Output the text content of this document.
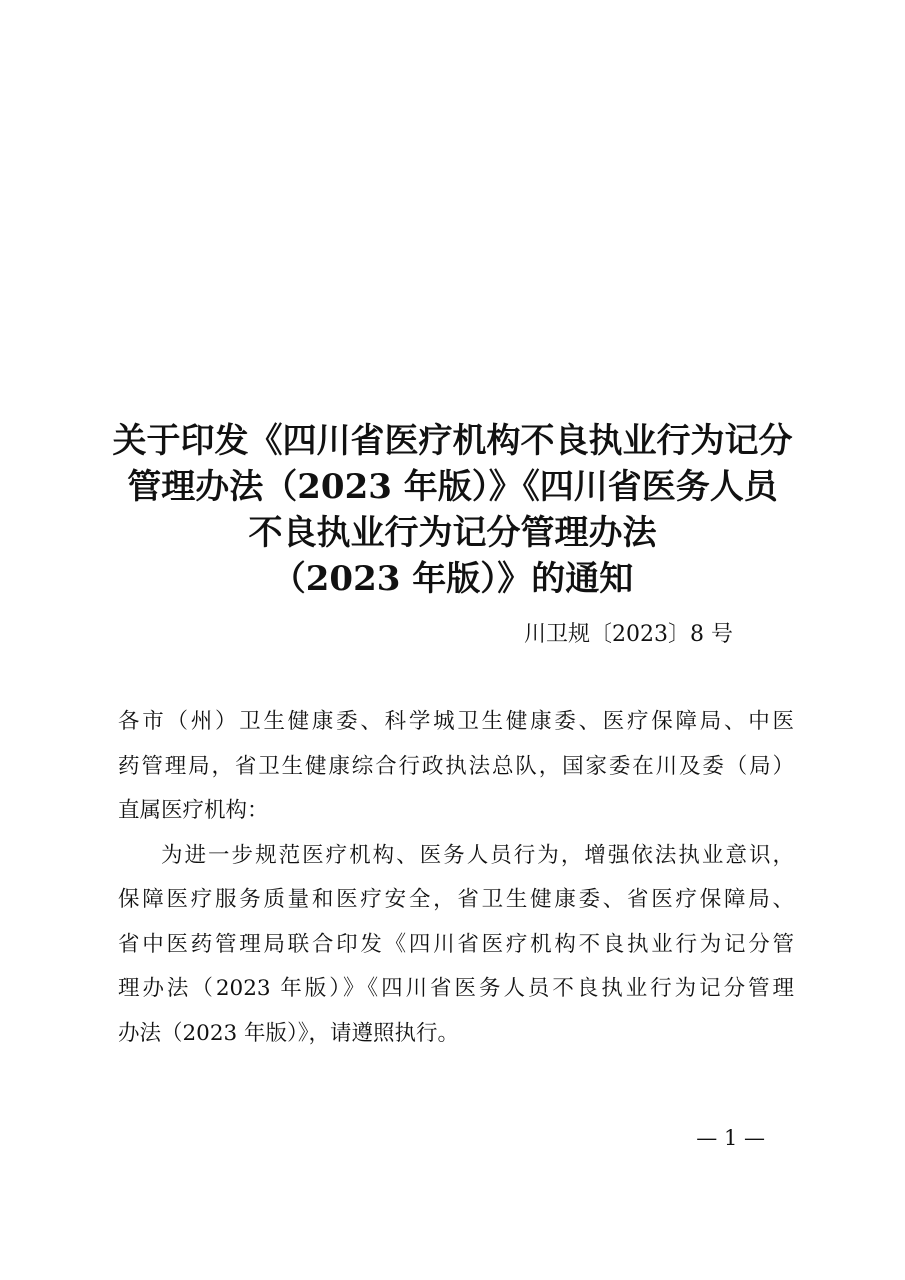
关于印发《四川省医疗机构不良执业行为记分
管理办法（2023 年版）》《四川省医务人员
不良执业行为记分管理办法
（2023 年版）》的通知
川卫规〔2023〕8 号
各市（州）卫生健康委、科学城卫生健康委、医疗保障局、中医
药管理局，省卫生健康综合行政执法总队，国家委在川及委（局）
直属医疗机构：
为进一步规范医疗机构、医务人员行为，增强依法执业意识，
保障医疗服务质量和医疗安全，省卫生健康委、省医疗保障局、
省中医药管理局联合印发《四川省医疗机构不良执业行为记分管
理办法（2023 年版）》《四川省医务人员不良执业行为记分管理
办法（2023 年版）》，请遵照执行。
— 1 —
